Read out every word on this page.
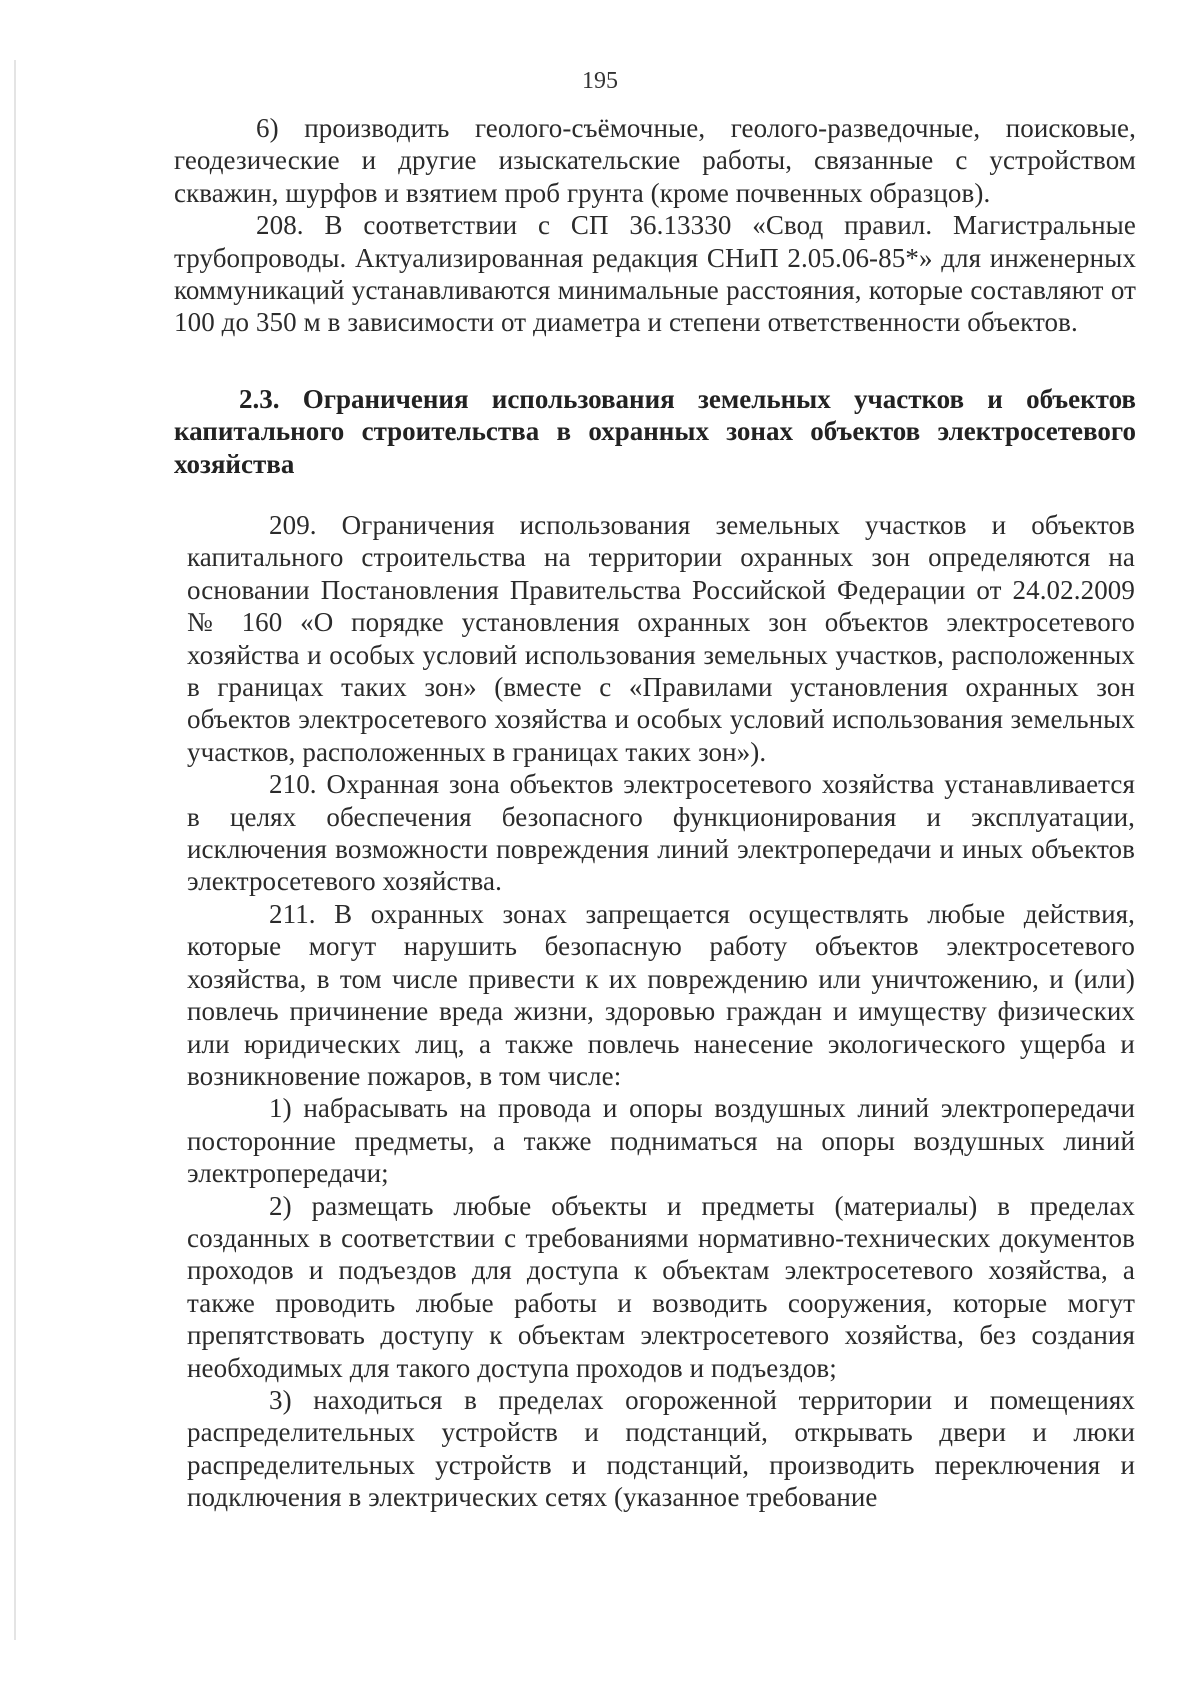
195

6) производить геолого-съёмочные, геолого-разведочные, поисковые, геодезические и другие изыскательские работы, связанные с устройством скважин, шурфов и взятием проб грунта (кроме почвенных образцов).

208. В соответствии с СП 36.13330 «Свод правил. Магистральные трубопроводы. Актуализированная редакция СНиП 2.05.06-85*» для инженерных коммуникаций устанавливаются минимальные расстояния, которые составляют от 100 до 350 м в зависимости от диаметра и степени ответственности объектов.

2.3. Ограничения использования земельных участков и объектов капитального строительства в охранных зонах объектов электросетевого хозяйства

209. Ограничения использования земельных участков и объектов капитального строительства на территории охранных зон определяются на основании Постановления Правительства Российской Федерации от 24.02.2009 № 160 «О порядке установления охранных зон объектов электросетевого хозяйства и особых условий использования земельных участков, расположенных в границах таких зон» (вместе с «Правилами установления охранных зон объектов электросетевого хозяйства и особых условий использования земельных участков, расположенных в границах таких зон»).

210. Охранная зона объектов электросетевого хозяйства устанавливается в целях обеспечения безопасного функционирования и эксплуатации, исключения возможности повреждения линий электропередачи и иных объектов электросетевого хозяйства.

211. В охранных зонах запрещается осуществлять любые действия, которые могут нарушить безопасную работу объектов электросетевого хозяйства, в том числе привести к их повреждению или уничтожению, и (или) повлечь причинение вреда жизни, здоровью граждан и имуществу физических или юридических лиц, а также повлечь нанесение экологического ущерба и возникновение пожаров, в том числе:

1) набрасывать на провода и опоры воздушных линий электропередачи посторонние предметы, а также подниматься на опоры воздушных линий электропередачи;

2) размещать любые объекты и предметы (материалы) в пределах созданных в соответствии с требованиями нормативно-технических документов проходов и подъездов для доступа к объектам электросетевого хозяйства, а также проводить любые работы и возводить сооружения, которые могут препятствовать доступу к объектам электросетевого хозяйства, без создания необходимых для такого доступа проходов и подъездов;

3) находиться в пределах огороженной территории и помещениях распределительных устройств и подстанций, открывать двери и люки распределительных устройств и подстанций, производить переключения и подключения в электрических сетях (указанное требование
